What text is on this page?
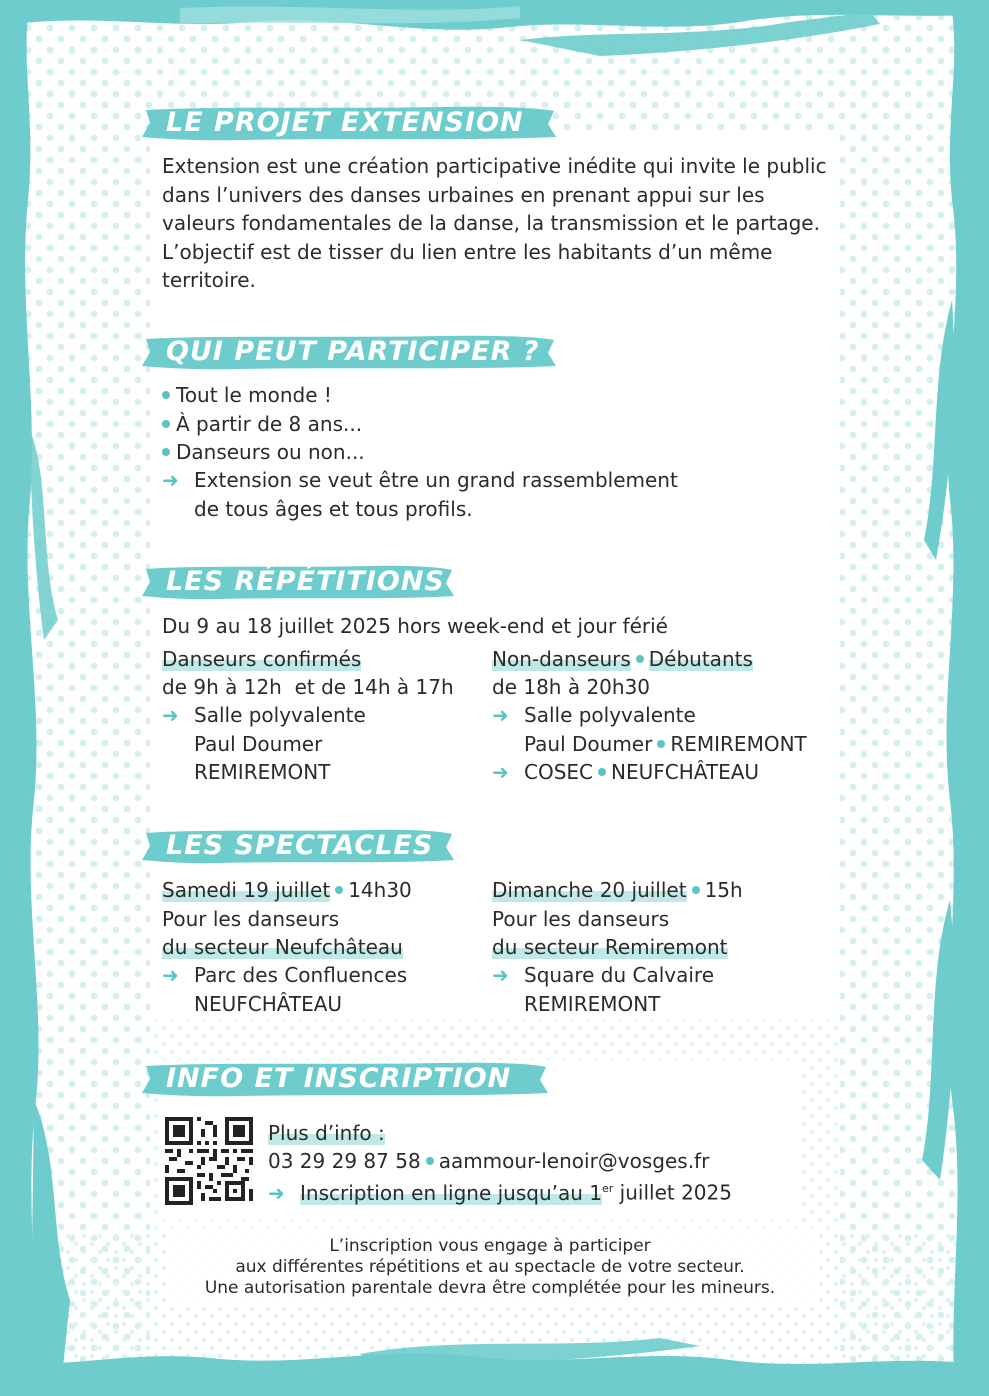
LE PROJET EXTENSION
Extension est une création participative inédite qui invite le public
dans l’univers des danses urbaines en prenant appui sur les
valeurs fondamentales de la danse, la transmission et le partage.
L’objectif est de tisser du lien entre les habitants d’un même
territoire.
QUI PEUT PARTICIPER ?
Tout le monde !
À partir de 8 ans...
Danseurs ou non...
➜ Extension se veut être un grand rassemblement
de tous âges et tous profils.
LES RÉPÉTITIONS
Du 9 au 18 juillet 2025 hors week-end et jour férié
Danseurs confirmés
de 9h à 12h  et de 14h à 17h
➜ Salle polyvalente
Paul Doumer
REMIREMONT
Non-danseurs Débutants
de 18h à 20h30
➜ Salle polyvalente
Paul Doumer REMIREMONT
➜ COSEC NEUFCHÂTEAU
LES SPECTACLES
Samedi 19 juillet 14h30
Pour les danseurs
du secteur Neufchâteau
➜ Parc des Confluences
NEUFCHÂTEAU
Dimanche 20 juillet 15h
Pour les danseurs
du secteur Remiremont
➜ Square du Calvaire
REMIREMONT
INFO ET INSCRIPTION
Plus d’info :
03 29 29 87 58 aammour-lenoir@vosges.fr
➜ Inscription en ligne jusqu’au 1er juillet 2025
L’inscription vous engage à participer
aux différentes répétitions et au spectacle de votre secteur.
Une autorisation parentale devra être complétée pour les mineurs.
